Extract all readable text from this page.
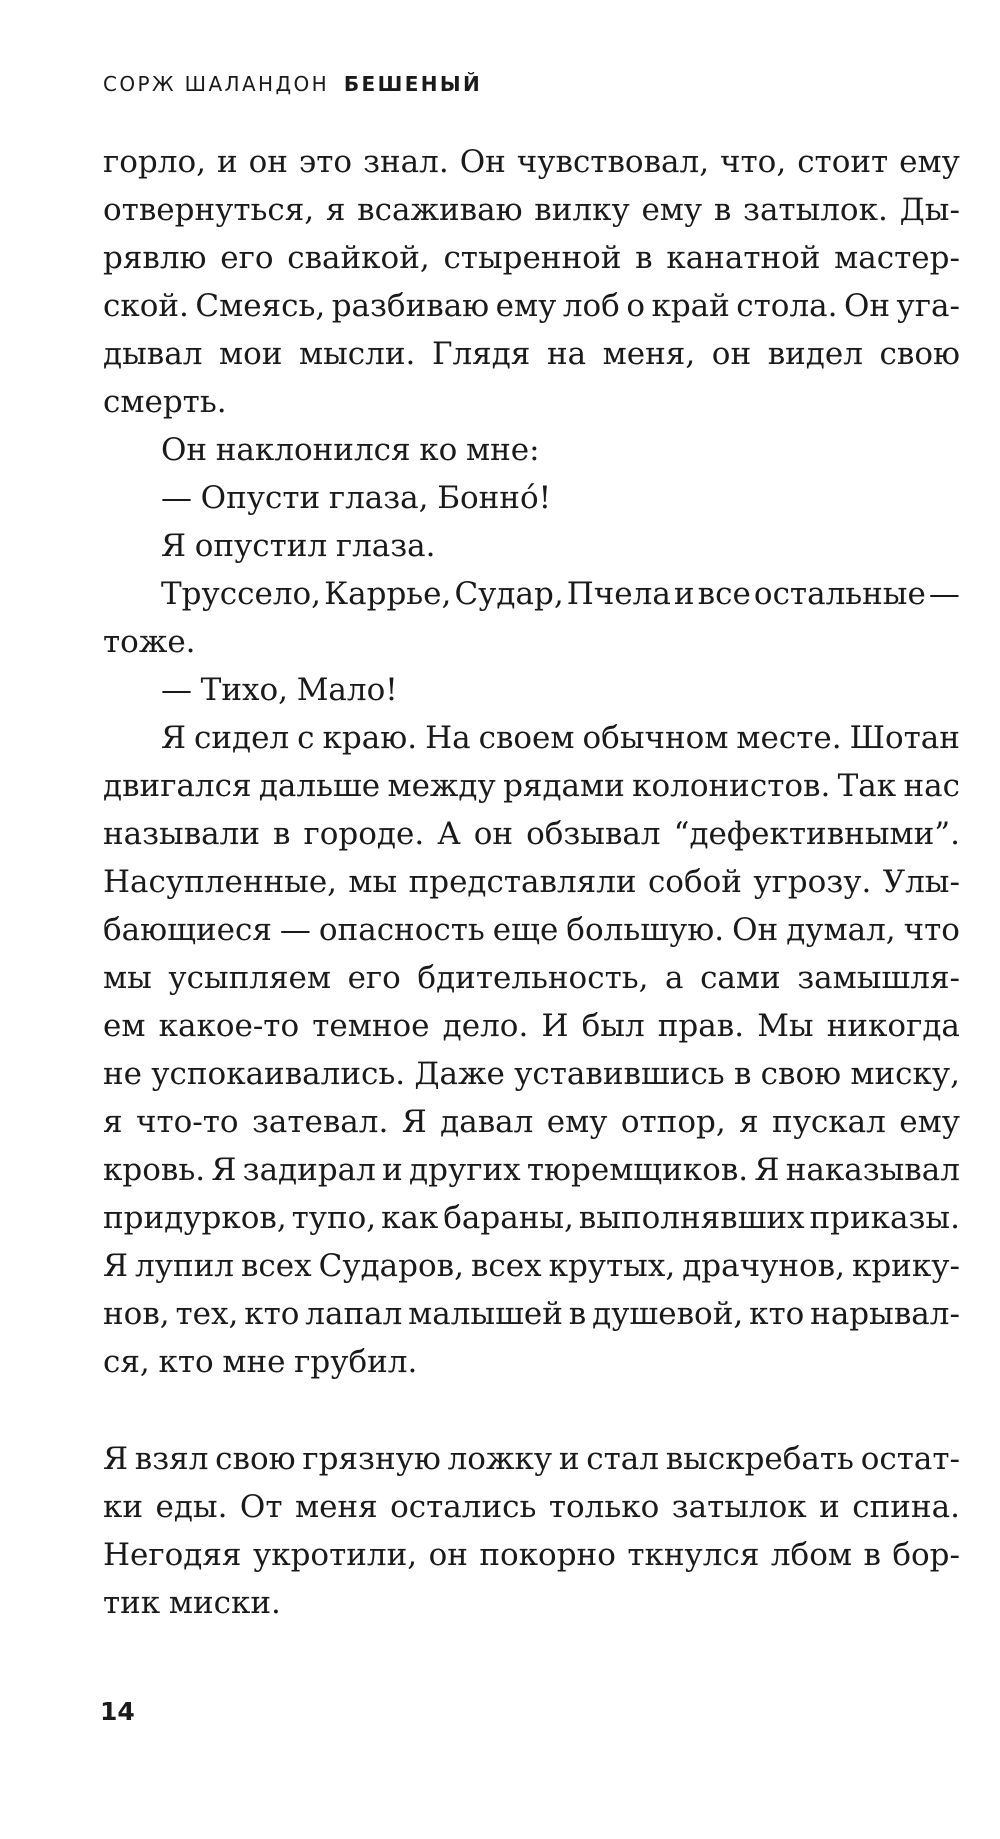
СОРЖ ШАЛАНДОН БЕШЕНЫЙ
горло, и он это знал. Он чувствовал, что, стоит ему
отвернуться, я всаживаю вилку ему в затылок. Ды-
рявлю его свайкой, стыренной в канатной мастер-
ской. Смеясь, разбиваю ему лоб о край стола. Он уга-
дывал мои мысли. Глядя на меня, он видел свою
смерть.
Он наклонился ко мне:
— Опусти глаза, Бонно́!
Я опустил глаза.
Труссело, Каррье, Судар, Пчела и все остальные —
тоже.
— Тихо, Мало!
Я сидел с краю. На своем обычном месте. Шотан
двигался дальше между рядами колонистов. Так нас
называли в городе. А он обзывал “дефективными”.
Насупленные, мы представляли собой угрозу. Улы-
бающиеся — опасность еще большую. Он думал, что
мы усыпляем его бдительность, а сами замышля-
ем какое-то темное дело. И был прав. Мы никогда
не успокаивались. Даже уставившись в свою миску,
я что-то затевал. Я давал ему отпор, я пускал ему
кровь. Я задирал и других тюремщиков. Я наказывал
придурков, тупо, как бараны, выполнявших приказы.
Я лупил всех Сударов, всех крутых, драчунов, крику-
нов, тех, кто лапал малышей в душевой, кто нарывал-
ся, кто мне грубил.
Я взял свою грязную ложку и стал выскребать остат-
ки еды. От меня остались только затылок и спина.
Негодяя укротили, он покорно ткнулся лбом в бор-
тик миски.
14
